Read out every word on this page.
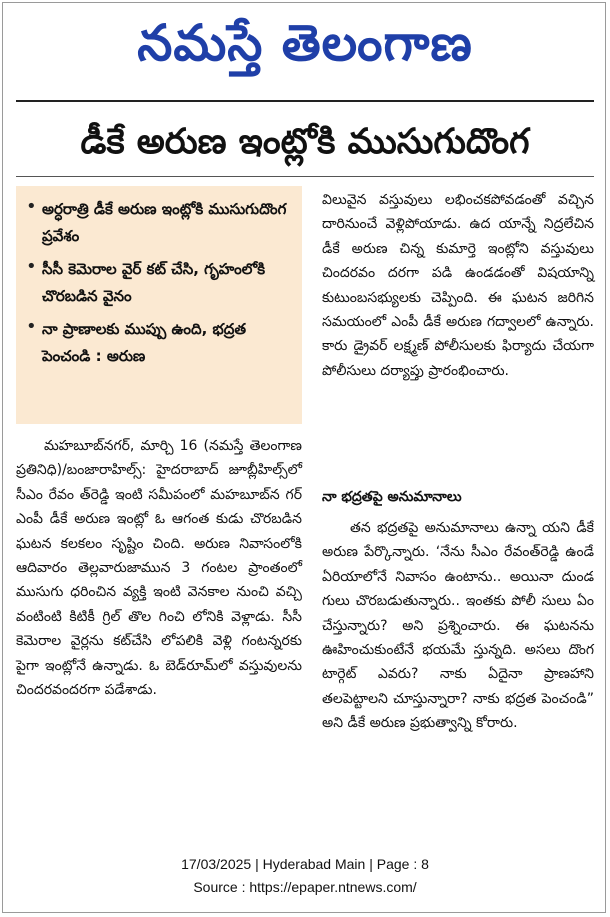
నమస్తే తెలంగాణ
డీకే అరుణ ఇంట్లోకి ముసుగుదొంగ
• అర్ధరాత్రి డీకే అరుణ ఇంట్లోకి ముసుగుదొంగ ప్రవేశం
• సీసీ కెమెరాల వైర్ కట్ చేసి, గృహంలోకి చొరబడిన వైనం
• నా ప్రాణాలకు ముప్పు ఉంది, భద్రత పెంచండి : అరుణ

మహబూబ్‌నగర్, మార్చి 16 (నమస్తే తెలంగాణ ప్రతినిధి)/బంజారాహిల్స్: హైదరాబాద్ జూబ్లీహిల్స్‌లో సీఎం రేవం త్‌రెడ్డి ఇంటి సమీపంలో మహబూబ్‌న గర్ ఎంపీ డీకే అరుణ ఇంట్లో ఓ ఆగంత కుడు చొరబడిన ఘటన కలకలం సృష్టిం చింది. అరుణ నివాసంలోకి ఆదివారం తెల్లవారుజామున 3 గంటల ప్రాంతంలో ముసుగు ధరించిన వ్యక్తి ఇంటి వెనకాల నుంచి వచ్చి వంటింటి కిటికీ గ్రిల్ తొల గించి లోనికి వెళ్లాడు. సీసీ కెమెరాల వైర్లను కట్‌చేసి లోపలికి వెళ్లి గంటన్నరకు పైగా ఇంట్లోనే ఉన్నాడు. ఓ బెడ్‌రూమ్‌లో వస్తువులను చిందరవందరగా పడేశాడు.

విలువైన వస్తువులు లభించకపోవడంతో వచ్చిన దారినుంచే వెళ్లిపోయాడు. ఉద యాన్నే నిద్రలేచిన డీకే అరుణ చిన్న కుమార్తె ఇంట్లోని వస్తువులు చిందరవం దరగా పడి ఉండడంతో విషయాన్ని కుటుంబసభ్యులకు చెప్పింది. ఈ ఘటన జరిగిన సమయంలో ఎంపీ డీకే అరుణ గద్వాలలో ఉన్నారు. కారు డ్రైవర్ లక్ష్మణ్ పోలీసులకు ఫిర్యాదు చేయగా పోలీసులు దర్యాప్తు ప్రారంభించారు.

నా భద్రతపై అనుమానాలు

తన భద్రతపై అనుమానాలు ఉన్నా యని డీకే అరుణ పేర్కొన్నారు. ‘నేను సీఎం రేవంత్‌రెడ్డి ఉండే ఏరియాలోనే నివాసం ఉంటాను.. అయినా దుండ గులు చొరబడుతున్నారు.. ఇంతకు పోలీ సులు ఏం చేస్తున్నారు? అని ప్రశ్నించారు. ఈ ఘటనను ఊహించుకుంటేనే భయమే స్తున్నది. అసలు దొంగ టార్గెట్ ఎవరు? నాకు ఏదైనా ప్రాణహాని తలపెట్టాలని చూస్తున్నారా? నాకు భద్రత పెంచండి” అని డీకే అరుణ ప్రభుత్వాన్ని కోరారు.

17/03/2025 | Hyderabad Main | Page : 8
Source : https://epaper.ntnews.com/
